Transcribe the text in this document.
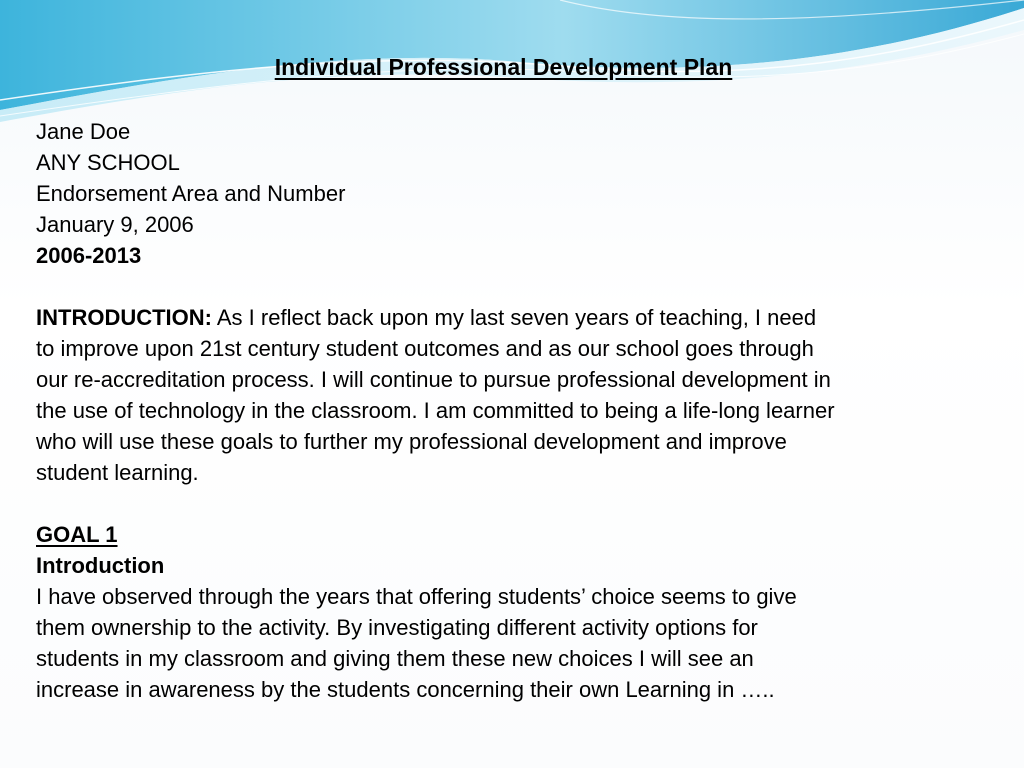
Individual Professional Development Plan
Jane Doe
ANY SCHOOL
Endorsement Area and Number
January 9, 2006
2006-2013

INTRODUCTION: As I reflect back upon my last seven years of teaching, I need
to improve upon 21st century student outcomes and as our school goes through
our re-accreditation process. I will continue to pursue professional development in
the use of technology in the classroom. I am committed to being a life-long learner
who will use these goals to further my professional development and improve
student learning.

GOAL 1
Introduction

I have observed through the years that offering students’ choice seems to give
them ownership to the activity. By investigating different activity options for
students in my classroom and giving them these new choices I will see an
increase in awareness by the students concerning their own Learning in …..
